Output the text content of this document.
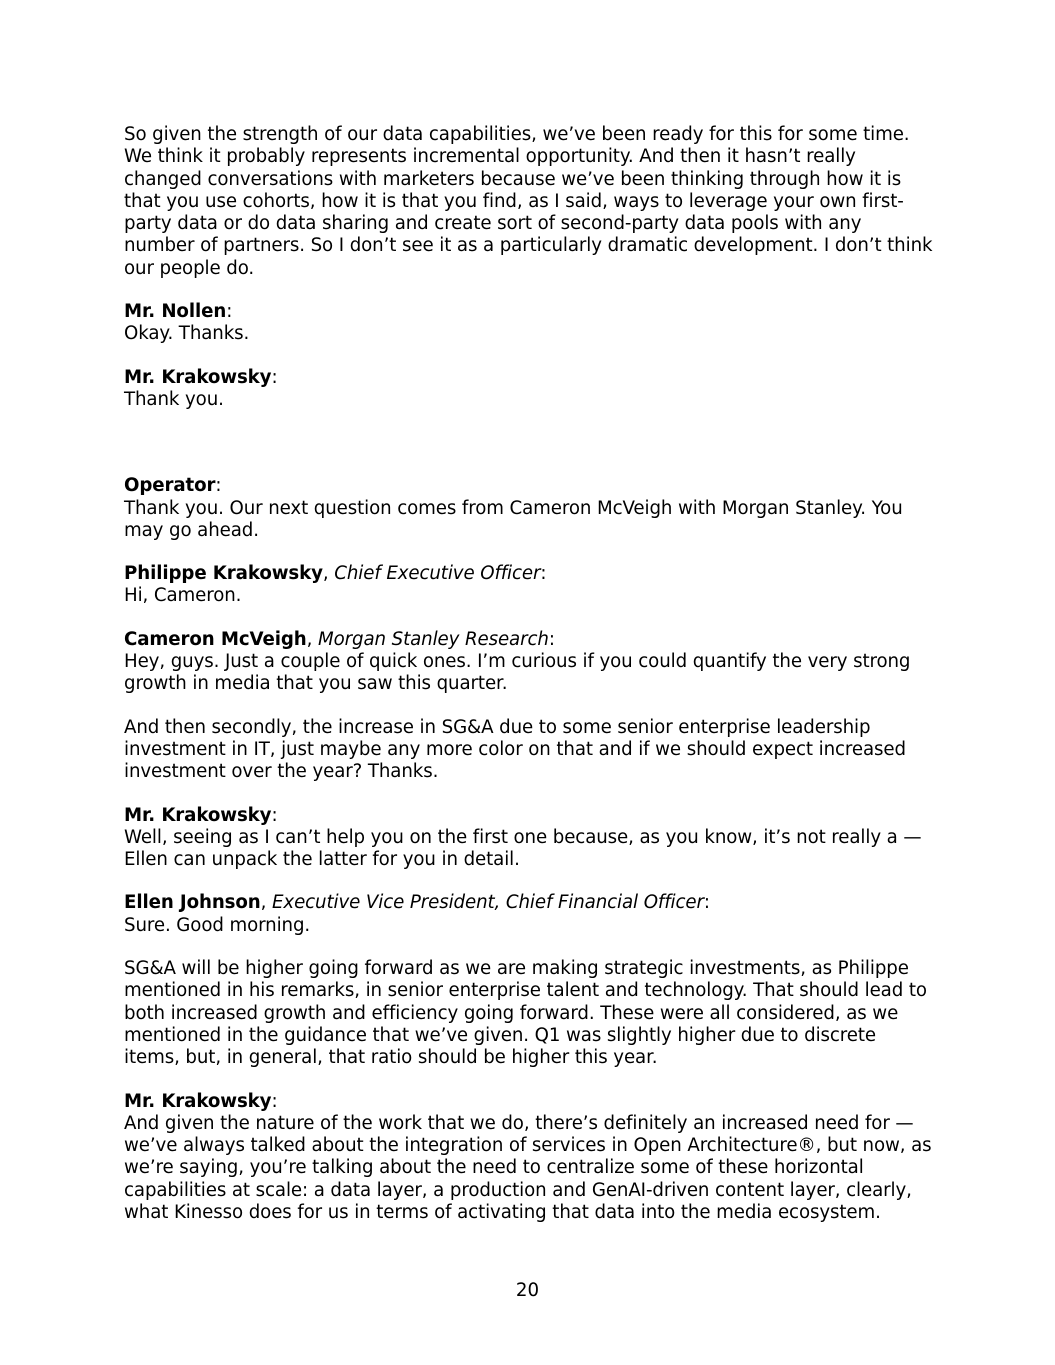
So given the strength of our data capabilities, we’ve been ready for this for some time. We think it probably represents incremental opportunity. And then it hasn’t really changed conversations with marketers because we’ve been thinking through how it is that you use cohorts, how it is that you find, as I said, ways to leverage your own first-party data or do data sharing and create sort of second-party data pools with any number of partners. So I don’t see it as a particularly dramatic development. I don’t think our people do.

Mr. Nollen:

Okay. Thanks.

Mr. Krakowsky:

Thank you.

Operator:

Thank you. Our next question comes from Cameron McVeigh with Morgan Stanley. You may go ahead.

Philippe Krakowsky, Chief Executive Officer:

Hi, Cameron.

Cameron McVeigh, Morgan Stanley Research:

Hey, guys. Just a couple of quick ones. I’m curious if you could quantify the very strong growth in media that you saw this quarter.

And then secondly, the increase in SG&A due to some senior enterprise leadership investment in IT, just maybe any more color on that and if we should expect increased investment over the year? Thanks.

Mr. Krakowsky:

Well, seeing as I can’t help you on the first one because, as you know, it’s not really a — Ellen can unpack the latter for you in detail.

Ellen Johnson, Executive Vice President, Chief Financial Officer:

Sure. Good morning.

SG&A will be higher going forward as we are making strategic investments, as Philippe mentioned in his remarks, in senior enterprise talent and technology. That should lead to both increased growth and efficiency going forward. These were all considered, as we mentioned in the guidance that we’ve given. Q1 was slightly higher due to discrete items, but, in general, that ratio should be higher this year.

Mr. Krakowsky:

And given the nature of the work that we do, there’s definitely an increased need for — we’ve always talked about the integration of services in Open Architecture®, but now, as we’re saying, you’re talking about the need to centralize some of these horizontal capabilities at scale: a data layer, a production and GenAI-driven content layer, clearly, what Kinesso does for us in terms of activating that data into the media ecosystem.

20
